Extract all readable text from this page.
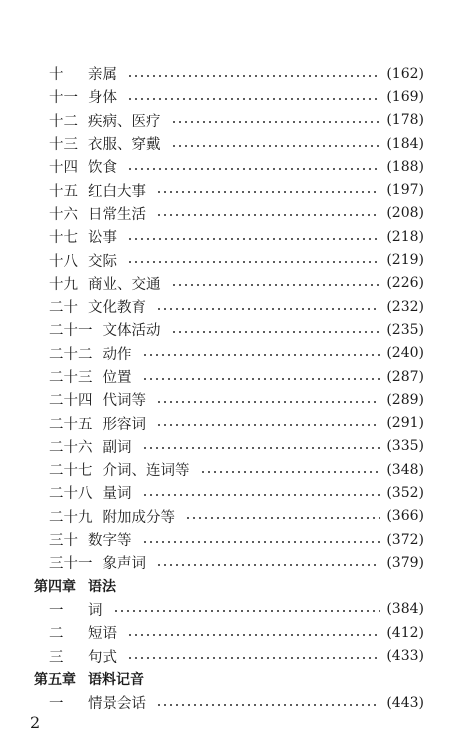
十	亲属	(162)
十一 身体	(169)
十二 疾病、医疗	(178)
十三 衣服、穿戴	(184)
十四 饮食	(188)
十五 红白大事	(197)
十六 日常生活	(208)
十七 讼事	(218)
十八 交际	(219)
十九 商业、交通	(226)
二十 文化教育	(232)
二十一 文体活动	(235)
二十二 动作	(240)
二十三 位置	(287)
二十四 代词等	(289)
二十五 形容词	(291)
二十六 副词	(335)
二十七 介词、连词等	(348)
二十八 量词	(352)
二十九 附加成分等	(366)
三十 数字等	(372)
三十一 象声词	(379)
第四章 语法
一	词	(384)
二	短语	(412)
三	句式	(433)
第五章 语料记音
一	情景会话	(443)
2
